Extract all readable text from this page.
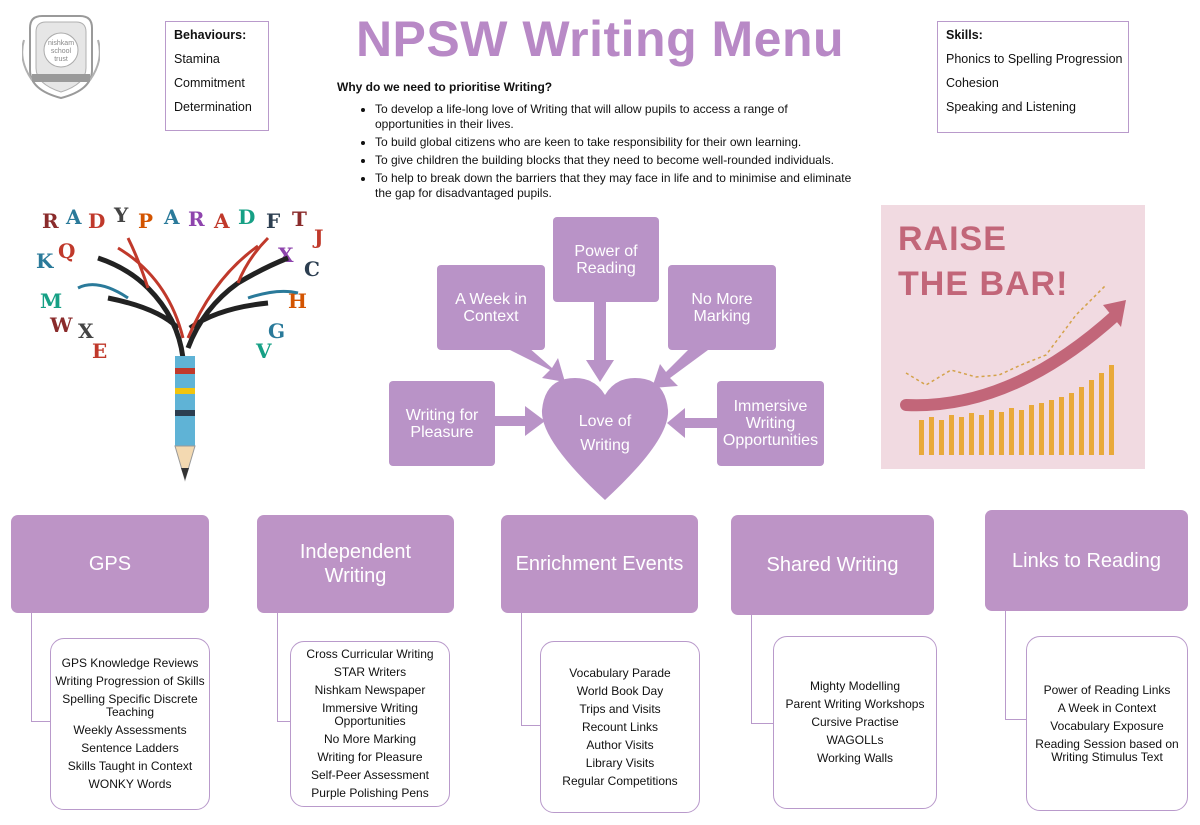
nishkam school trust
Behaviours:
Stamina
Commitment
Determination
NPSW Writing Menu	Skills:
Phonics to Spelling Progression
Cohesion
Speaking and Listening
Why do we need to prioritise Writing?
• To develop a life-long love of Writing that will allow pupils to access a range of opportunities in their lives.
• To build global citizens who are keen to take responsibility for their own learning.
• To give children the building blocks that they need to become well-rounded individuals.
• To help to break down the barriers that they may face in life and to minimise and eliminate the gap for disadvantaged pupils.
R A D Y P A R A D F T
J
K Q	X
C
M	H
W X	G
E	V
RAISE
THE BAR!
Love of Writing
Writing for Pleasure
A Week in Context
Power of Reading
No More Marking
Immersive Writing Opportunities
GPS
GPS Knowledge Reviews
Writing Progression of Skills
Spelling Specific Discrete Teaching
Weekly Assessments
Sentence Ladders
Skills Taught in Context
WONKY Words
Independent Writing
Cross Curricular Writing
STAR Writers
Nishkam Newspaper
Immersive Writing Opportunities
No More Marking
Writing for Pleasure
Self-Peer Assessment
Purple Polishing Pens
Enrichment Events
Vocabulary Parade
World Book Day
Trips and Visits
Recount Links
Author Visits
Library Visits
Regular Competitions
Shared Writing
Mighty Modelling
Parent Writing Workshops
Cursive Practise
WAGOLLs
Working Walls
Links to Reading
Power of Reading Links
A Week in Context
Vocabulary Exposure
Reading Session based on Writing Stimulus Text
